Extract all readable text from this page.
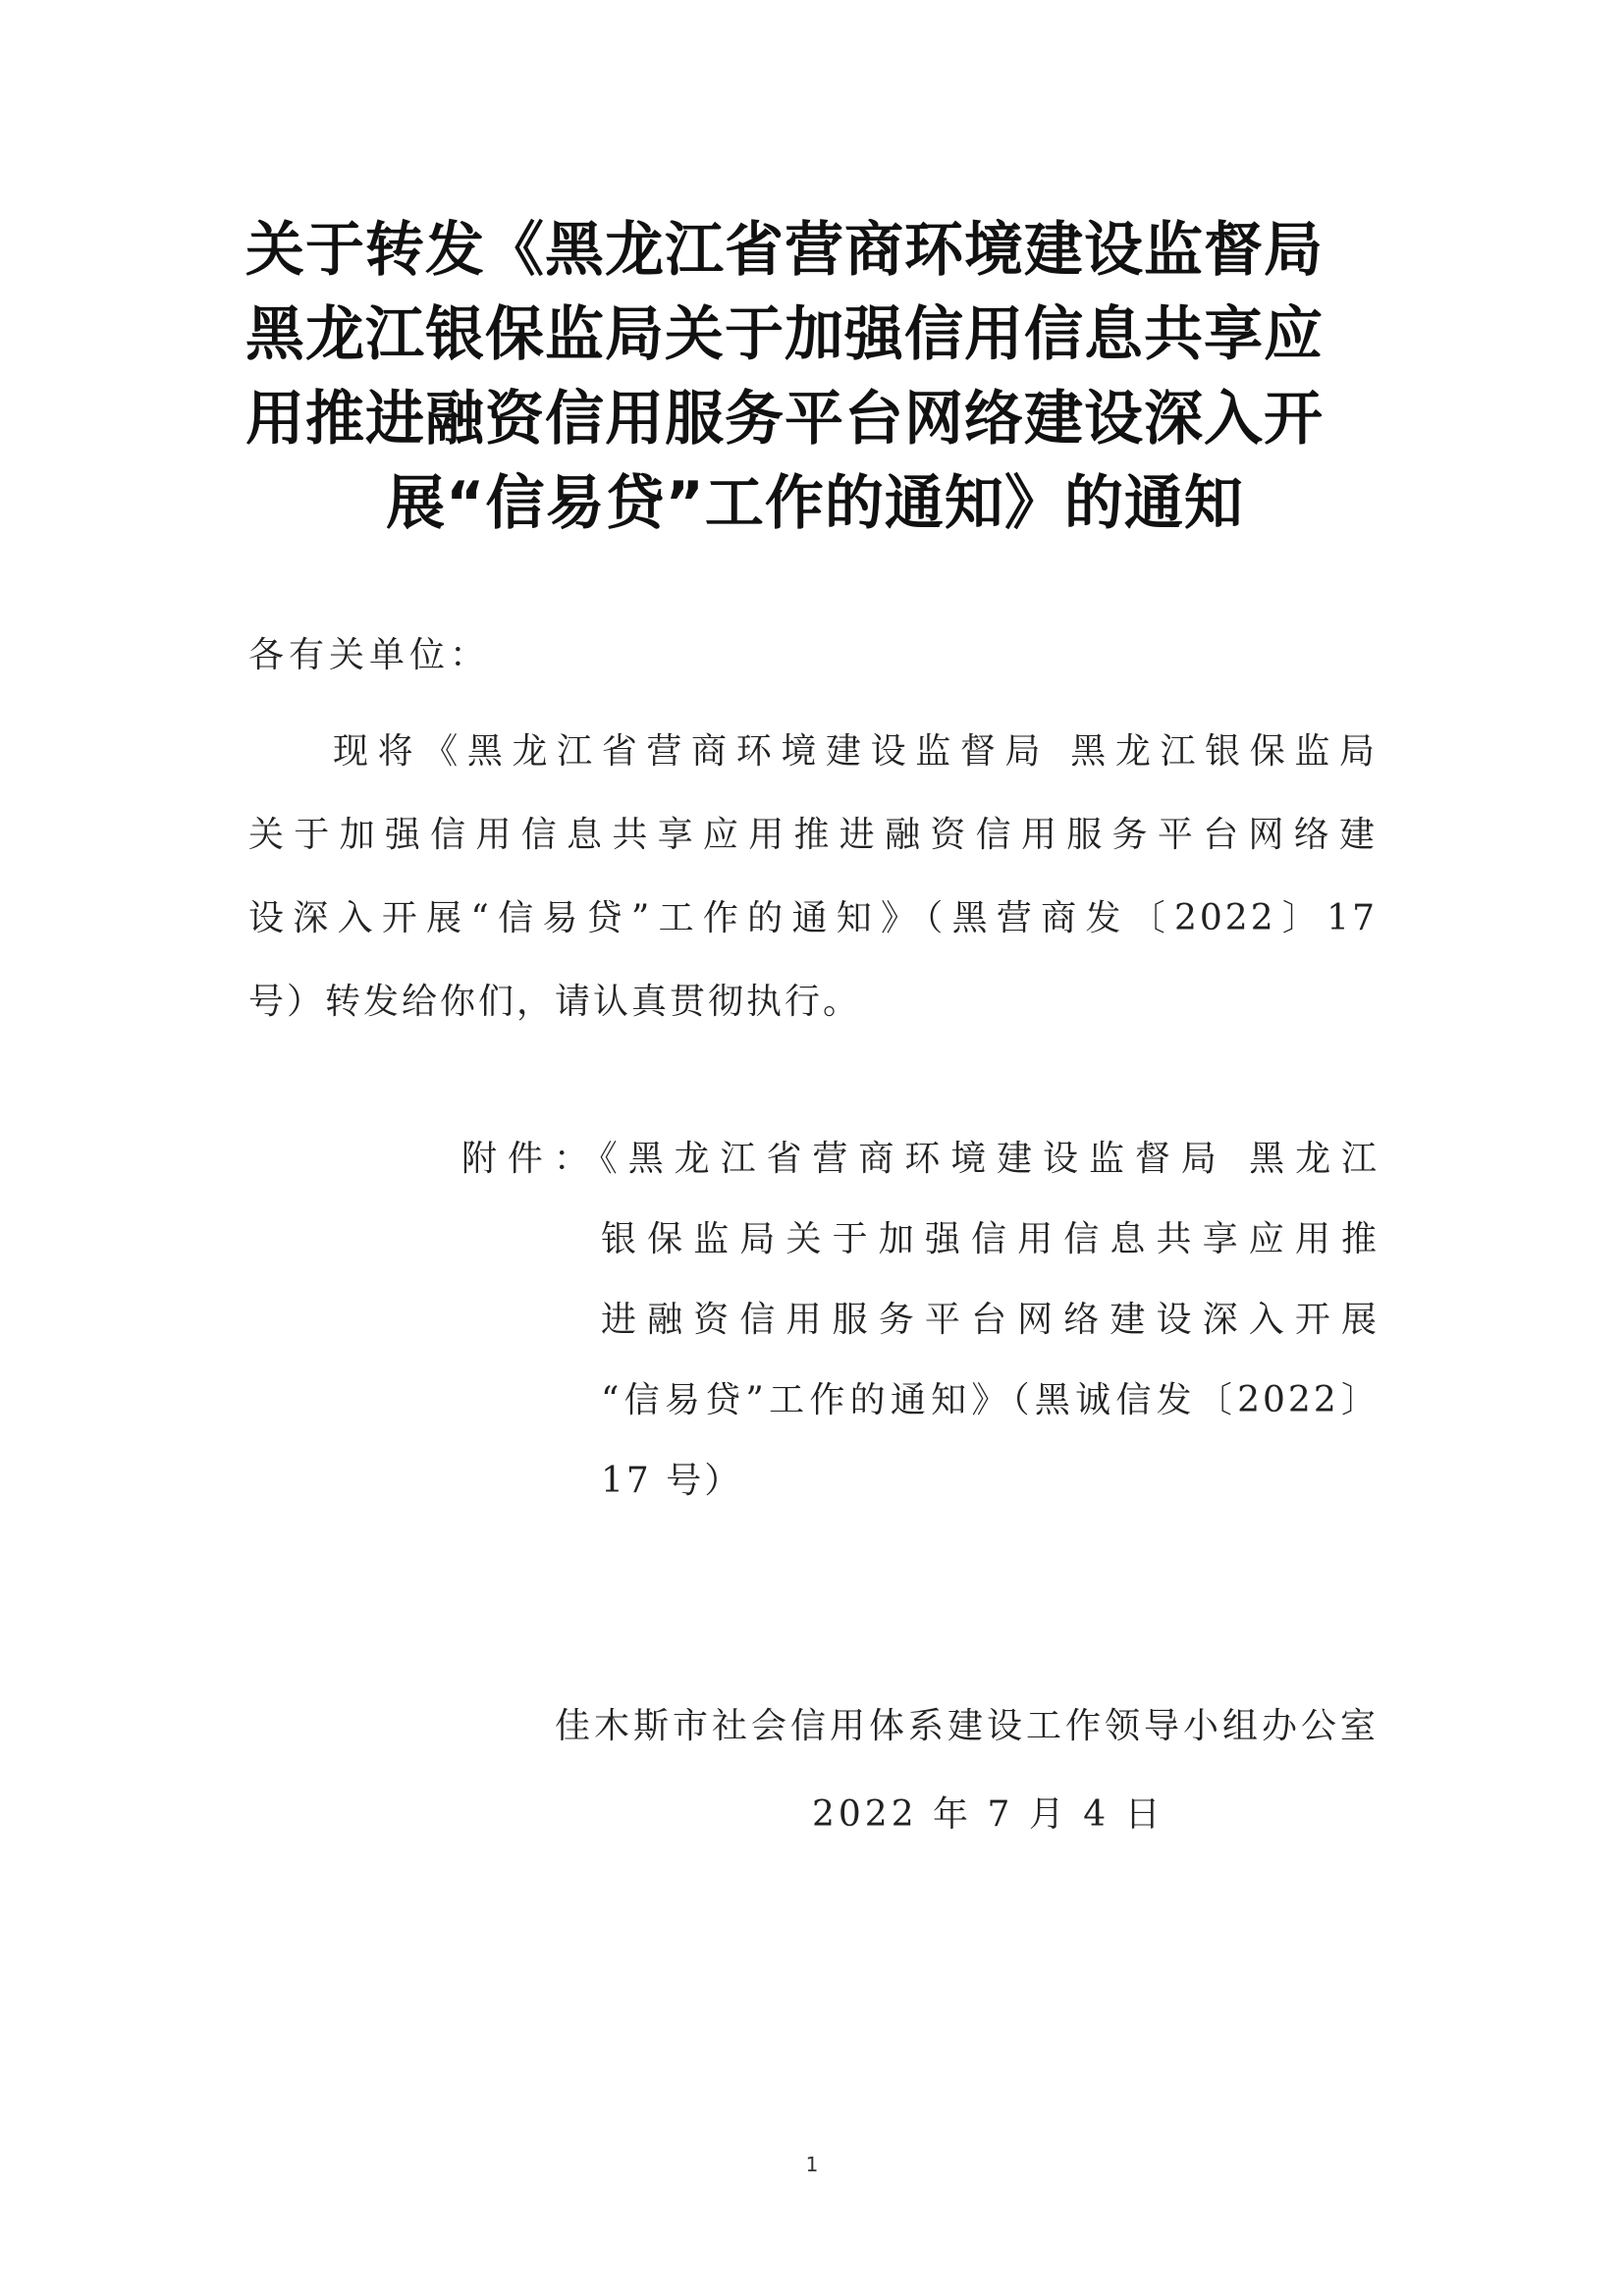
关于转发《黑龙江省营商环境建设监督局
黑龙江银保监局关于加强信用信息共享应
用推进融资信用服务平台网络建设深入开
展“信易贷”工作的通知》的通知
各有关单位：
现将《黑龙江省营商环境建设监督局 黑龙江银保监局
关于加强信用信息共享应用推进融资信用服务平台网络建
设深入开展“信易贷”工作的通知》（黑营商发〔2022〕17
号）转发给你们，请认真贯彻执行。
附件：《黑龙江省营商环境建设监督局 黑龙江
银保监局关于加强信用信息共享应用推
进融资信用服务平台网络建设深入开展
“信易贷”工作的通知》（黑诚信发〔2022〕
17 号）
佳木斯市社会信用体系建设工作领导小组办公室
2022 年 7 月 4 日
1
